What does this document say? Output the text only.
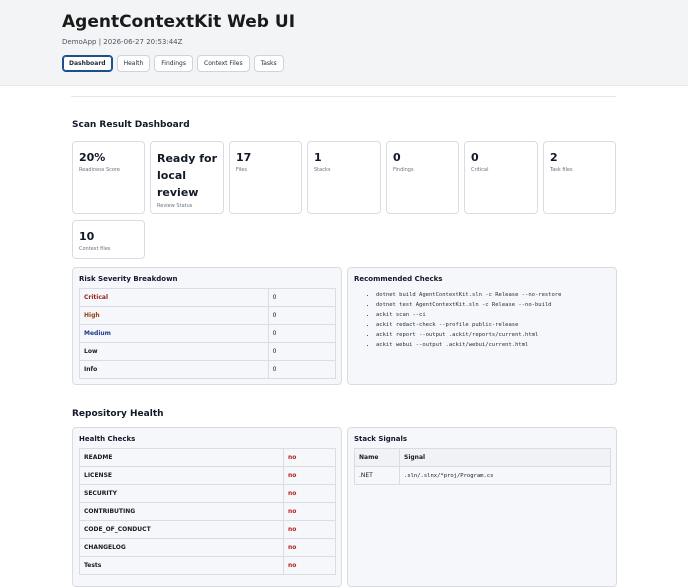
AgentContextKit Web UI
DemoApp | 2026-06-27 20:53:44Z
Dashboard	Health	Findings	Context Files	Tasks
Scan Result Dashboard
20%
Readiness Score
Ready for local review
Review Status
17
Files
1
Stacks
0
Findings
0
Critical
2
Task files
10
Context files
Risk Severity Breakdown
Critical	0
High	0
Medium	0
Low	0
Info	0
Recommended Checks
• dotnet build AgentContextKit.sln -c Release --no-restore
• dotnet test AgentContextKit.sln -c Release --no-build
• ackit scan --ci
• ackit redact-check --profile public-release
• ackit report --output .ackit/reports/current.html
• ackit webui --output .ackit/webui/current.html
Repository Health
Health Checks
README	no
LICENSE	no
SECURITY	no
CONTRIBUTING	no
CODE_OF_CONDUCT	no
CHANGELOG	no
Tests	no
Stack Signals
Name	Signal
.NET	.sln/.slnx/*proj/Program.cs
